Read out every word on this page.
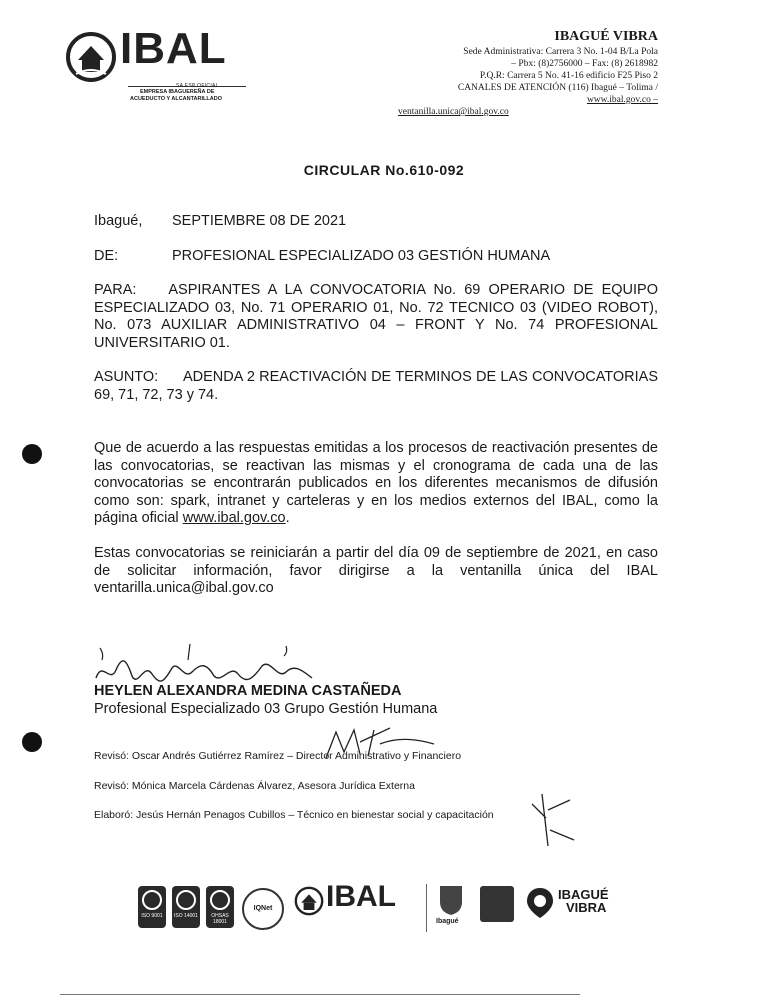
IBAL
SA ESP OFICIAL
EMPRESA IBAGUEREÑA DE
ACUEDUCTO Y ALCANTARILLADO
IBAGUÉ VIBRA
Sede Administrativa: Carrera 3 No. 1-04 B/La Pola
– Pbx: (8)2756000 – Fax: (8) 2618982
P.Q.R: Carrera 5 No. 41-16 edificio F25 Piso 2
CANALES DE ATENCIÓN (116) Ibagué – Tolima /
www.ibal.gov.co –
ventanilla.unica@ibal.gov.co
CIRCULAR No.610-092
Ibagué, SEPTIEMBRE 08 DE 2021
DE:	PROFESIONAL ESPECIALIZADO 03 GESTIÓN HUMANA
PARA: ASPIRANTES A LA CONVOCATORIA No. 69 OPERARIO DE EQUIPO ESPECIALIZADO 03, No. 71 OPERARIO 01, No. 72 TECNICO 03 (VIDEO ROBOT), No. 073 AUXILIAR ADMINISTRATIVO 04 – FRONT Y No. 74 PROFESIONAL UNIVERSITARIO 01.
ASUNTO: ADENDA 2 REACTIVACIÓN DE TERMINOS DE LAS CONVOCATORIAS 69, 71, 72, 73 y 74.
Que de acuerdo a las respuestas emitidas a los procesos de reactivación presentes de las convocatorias, se reactivan las mismas y el cronograma de cada una de las convocatorias se encontrarán publicados en los diferentes mecanismos de difusión como son: spark, intranet y carteleras y en los medios externos del IBAL, como la página oficial www.ibal.gov.co.
Estas convocatorias se reiniciarán a partir del día 09 de septiembre de 2021, en caso de solicitar información, favor dirigirse a la ventanilla única del IBAL ventarilla.unica@ibal.gov.co
HEYLEN ALEXANDRA MEDINA CASTAÑEDA
Profesional Especializado 03 Grupo Gestión Humana
Revisó: Oscar Andrés Gutiérrez Ramírez – Director Administrativo y Financiero
Revisó: Mónica Marcela Cárdenas Álvarez, Asesora Jurídica Externa
Elaboró: Jesús Hernán Penagos Cubillos – Técnico en bienestar social y capacitación
ISO 9001	ISO 14001	OHSAS 18001
IQNet	IBAL
Ibagué
IBAGUÉ
VIBRA
